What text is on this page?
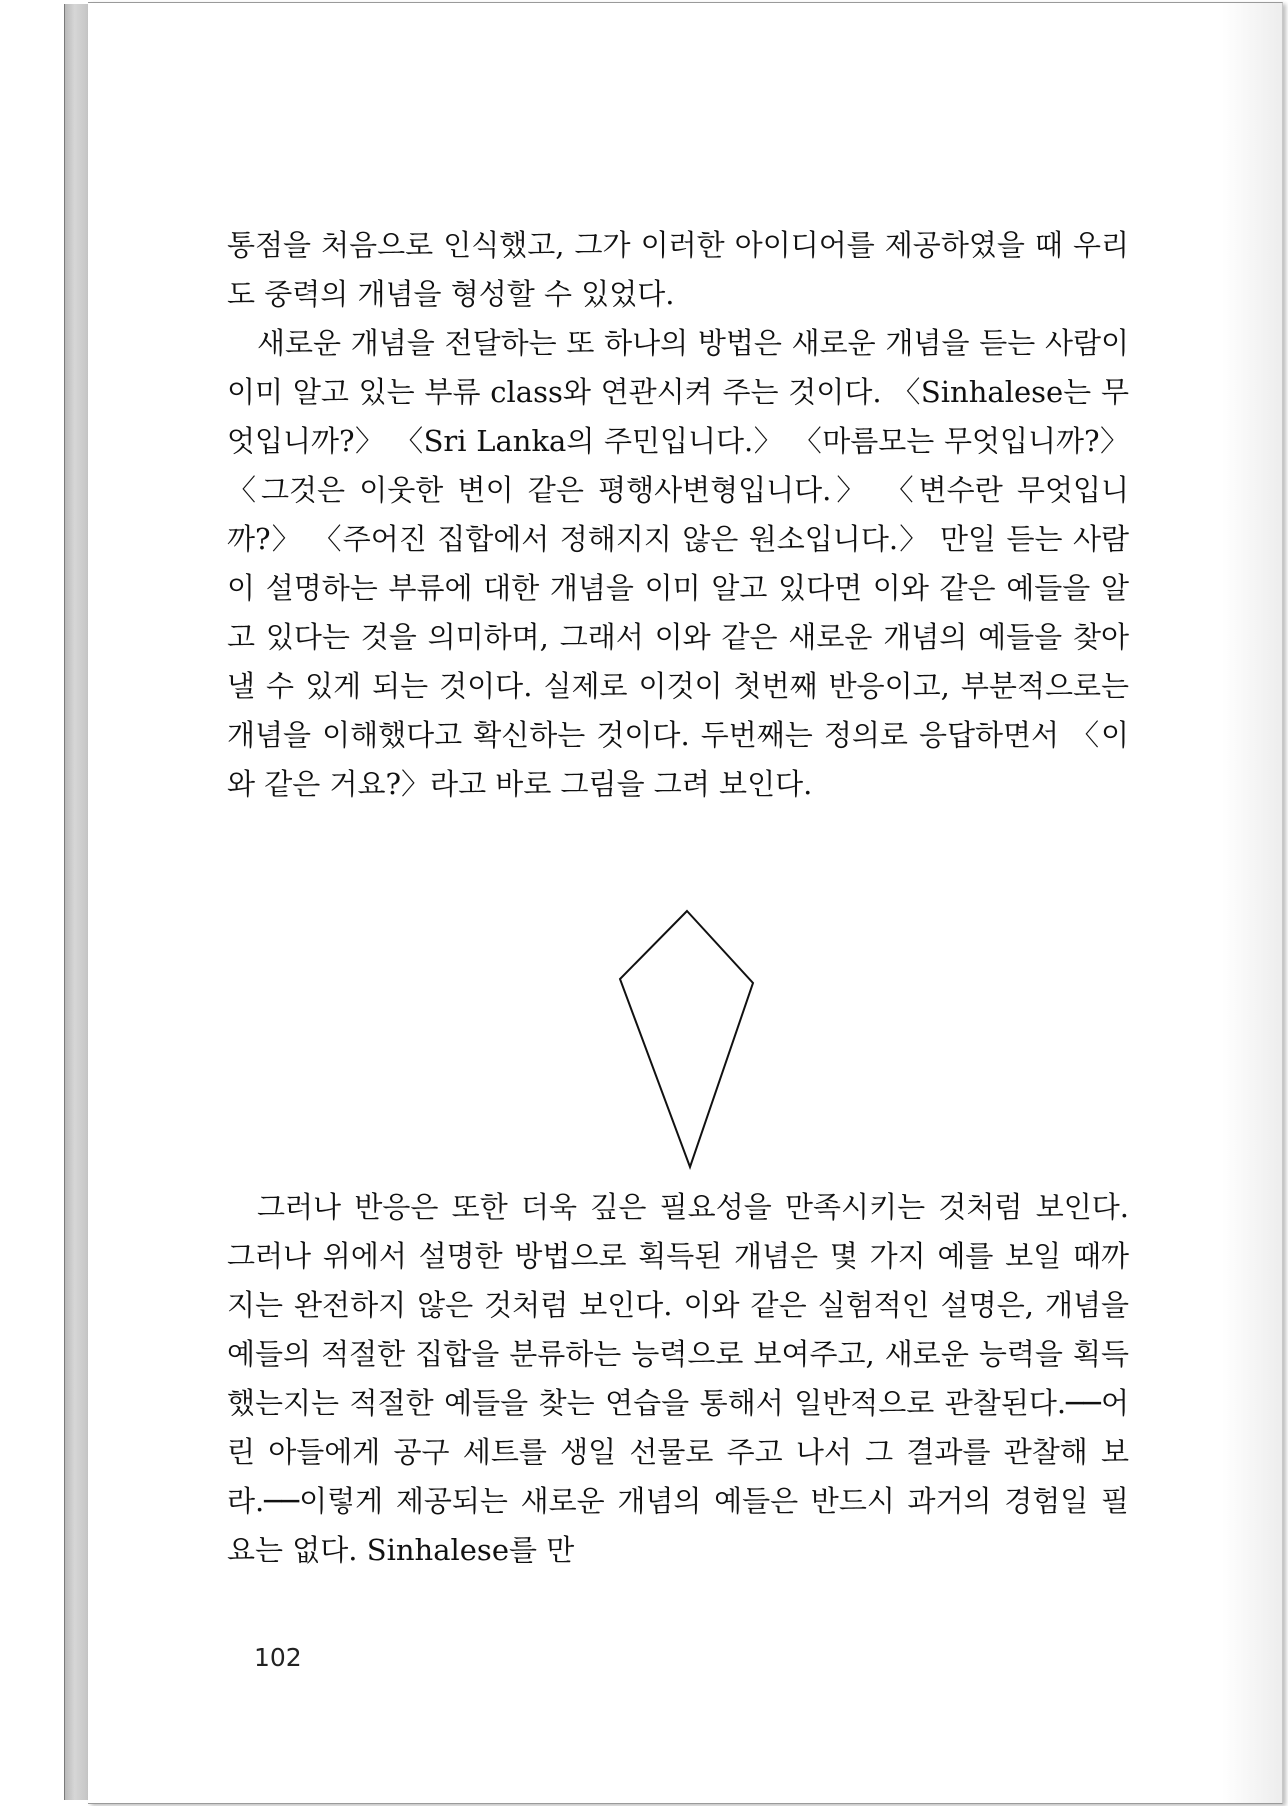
통점을 처음으로 인식했고, 그가 이러한 아이디어를 제공하였을 때 우리도 중력의 개념을 형성할 수 있었다.

새로운 개념을 전달하는 또 하나의 방법은 새로운 개념을 듣는 사람이 이미 알고 있는 부류 class와 연관시켜 주는 것이다. 〈Sinhalese는 무엇입니까?〉 〈Sri Lanka의 주민입니다.〉 〈마름모는 무엇입니까?〉 〈그것은 이웃한 변이 같은 평행사변형입니다.〉 〈변수란 무엇입니까?〉 〈주어진 집합에서 정해지지 않은 원소입니다.〉 만일 듣는 사람이 설명하는 부류에 대한 개념을 이미 알고 있다면 이와 같은 예들을 알고 있다는 것을 의미하며, 그래서 이와 같은 새로운 개념의 예들을 찾아낼 수 있게 되는 것이다. 실제로 이것이 첫번째 반응이고, 부분적으로는 개념을 이해했다고 확신하는 것이다. 두번째는 정의로 응답하면서 〈이와 같은 거요?〉라고 바로 그림을 그려 보인다.

그러나 반응은 또한 더욱 깊은 필요성을 만족시키는 것처럼 보인다. 그러나 위에서 설명한 방법으로 획득된 개념은 몇 가지 예를 보일 때까지는 완전하지 않은 것처럼 보인다. 이와 같은 실험적인 설명은, 개념을 예들의 적절한 집합을 분류하는 능력으로 보여주고, 새로운 능력을 획득했는지는 적절한 예들을 찾는 연습을 통해서 일반적으로 관찰된다.──어린 아들에게 공구 세트를 생일 선물로 주고 나서 그 결과를 관찰해 보라.──이렇게 제공되는 새로운 개념의 예들은 반드시 과거의 경험일 필요는 없다. Sinhalese를 만

102
